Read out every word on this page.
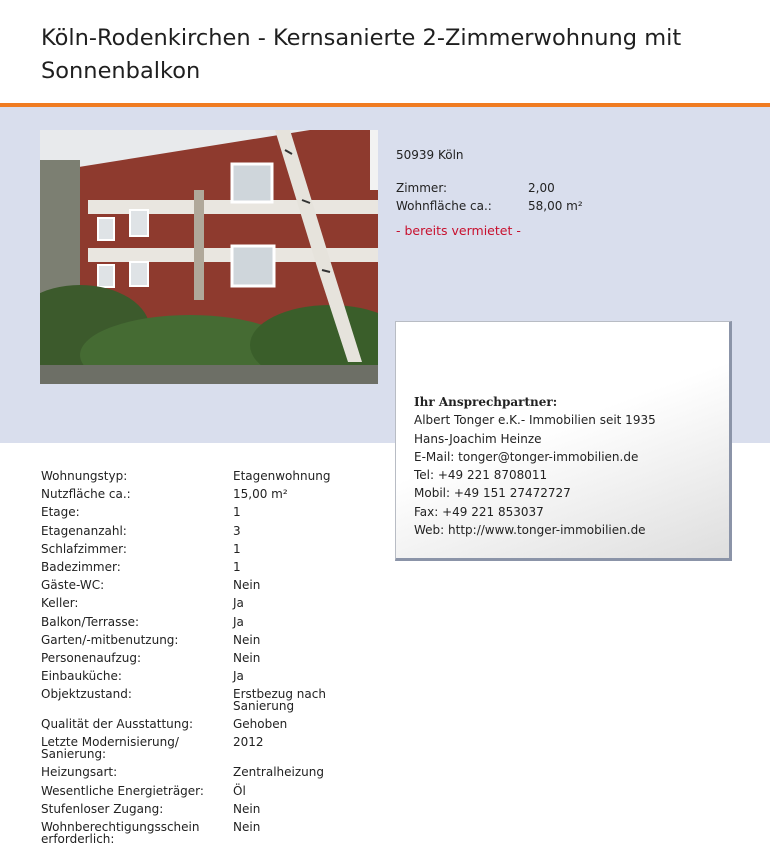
Köln-Rodenkirchen - Kernsanierte 2-Zimmerwohnung mit Sonnenbalkon
50939 Köln
Zimmer:	2,00
Wohnfläche ca.:	58,00 m²
- bereits vermietet -
Ihr Ansprechpartner:
Albert Tonger e.K.- Immobilien seit 1935
Hans-Joachim Heinze
E-Mail: tonger@tonger-immobilien.de
Tel: +49 221 8708011
Mobil: +49 151 27472727
Fax: +49 221 853037
Web: http://www.tonger-immobilien.de
Wohnungstyp:	Etagenwohnung
Nutzfläche ca.:	15,00 m²
Etage:	1
Etagenanzahl:	3
Schlafzimmer:	1
Badezimmer:	1
Gäste-WC:	Nein
Keller:	Ja
Balkon/Terrasse:	Ja
Garten/-mitbenutzung:	Nein
Personenaufzug:	Nein
Einbauküche:	Ja
Objektzustand:	Erstbezug nach Sanierung
Qualität der Ausstattung:	Gehoben
Letzte Modernisierung/ Sanierung:
2012
Heizungsart:	Zentralheizung
Wesentliche Energieträger:	Öl
Stufenloser Zugang:	Nein
Wohnberechtigungsschein erforderlich:
Nein
